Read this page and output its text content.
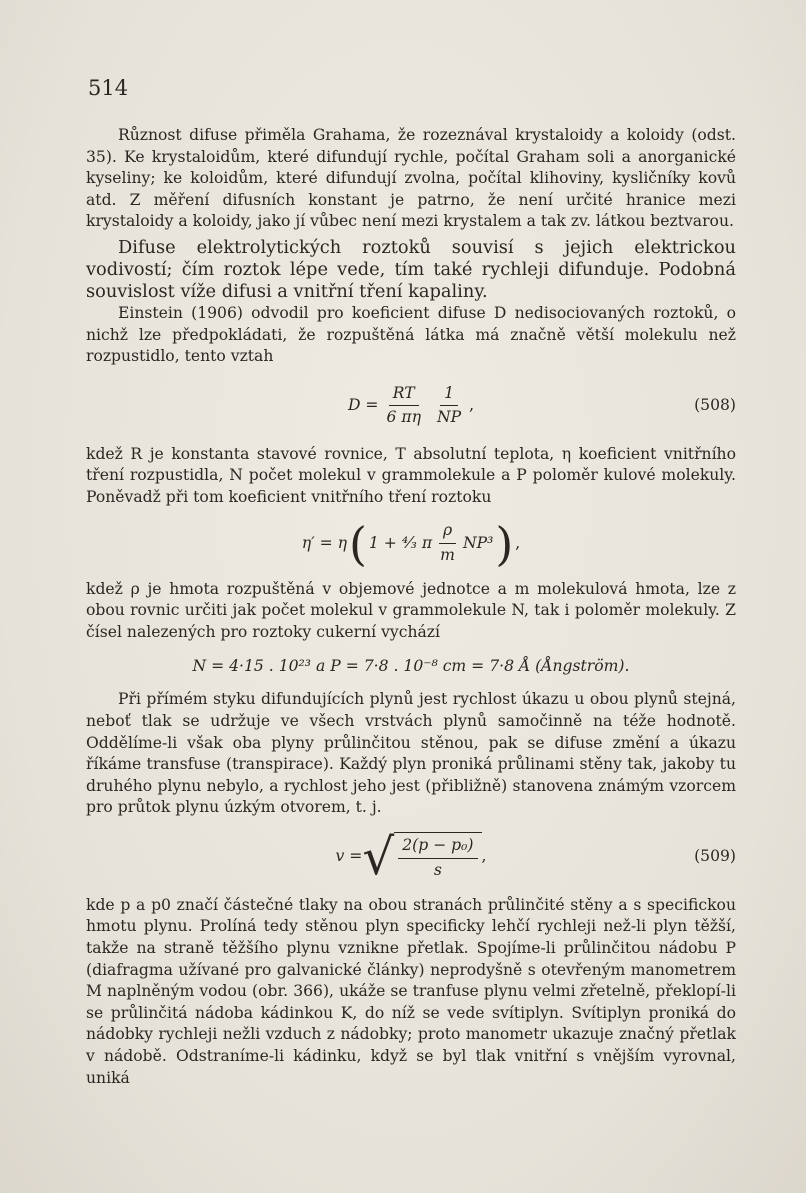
514

Různost difuse přiměla Grahama, že rozeznával krystaloidy a koloidy (odst. 35). Ke krystaloidům, které difundují rychle, počítal Graham soli a anorganické kyseliny; ke koloidům, které difundují zvolna, počítal klihoviny, kysličníky kovů atd. Z měření difusních konstant je patrno, že není určité hranice mezi krystaloidy a koloidy, jako jí vůbec není mezi krystalem a tak zv. látkou beztvarou.

Difuse elektrolytických roztoků souvisí s jejich elektrickou vodivostí; čím roztok lépe vede, tím také rychleji difunduje. Podobná souvislost víže difusi a vnitřní tření kapaliny.

Einstein (1906) odvodil pro koeficient difuse D nedisociovaných roztoků, o nichž lze předpokládati, že rozpuštěná látka má značně větší molekulu než rozpustidlo, tento vztah

$D = \frac{RT}{6 \pi\eta} \frac{1}{NP}$ ,	(508)

kdež R je konstanta stavové rovnice, T absolutní teplota, η koeficient vnitřního tření rozpustidla, N počet molekul v grammolekule a P poloměr kulové molekuly. Poněvadž při tom koeficient vnitřního tření roztoku

η′ = η ( 1 + ⁴⁄₃ π $\frac{\rho}{m} NP^3$ ) ,

kdež ρ je hmota rozpuštěná v objemové jednotce a m molekulová hmota, lze z obou rovnic určiti jak počet molekul v grammolekule N, tak i poloměr molekuly. Z čísel nalezených pro roztoky cukerní vychází

N = 4·15 . 10²³ a P = 7·8 . 10⁻⁸ cm = 7·8 Å (Ångström).

Při přímém styku difundujících plynů jest rychlost úkazu u obou plynů stejná, neboť tlak se udržuje ve všech vrstvách plynů samočinně na téže hodnotě. Oddělíme-li však oba plyny průlinčitou stěnou, pak se difuse změní a úkazu říkáme transfuse (transpirace). Každý plyn proniká průlinami stěny tak, jakoby tu druhého plynu nebylo, a rychlost jeho jest (přibližně) stanovena známým vzorcem pro průtok plynu úzkým otvorem, t. j.

v = √ $\frac{\text{2(p − p₀)}}{s}$ ,	(509)

kde p a p0 značí částečné tlaky na obou stranách průlinčité stěny a s specifickou hmotu plynu. Prolíná tedy stěnou plyn specificky lehčí rychleji než-li plyn těžší, takže na straně těžšího plynu vznikne přetlak. Spojíme-li průlinčitou nádobu P (diafragma užívané pro galvanické články) neprodyšně s otevřeným manometrem M naplněným vodou (obr. 366), ukáže se tranfuse plynu velmi zřetelně, překlopí-li se průlinčitá nádoba kádinkou K, do níž se vede svítiplyn. Svítiplyn proniká do nádobky rychleji nežli vzduch z nádobky; proto manometr ukazuje značný přetlak v nádobě. Odstraníme-li kádinku, když se byl tlak vnitřní s vnějším vyrovnal, uniká
